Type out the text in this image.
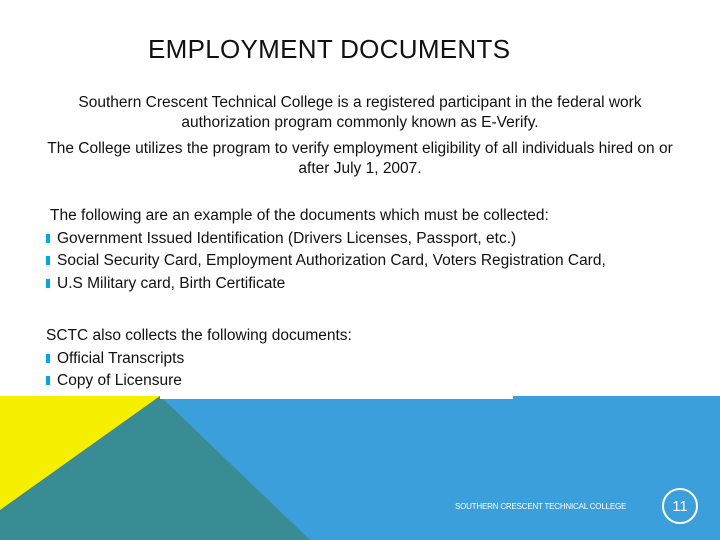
EMPLOYMENT DOCUMENTS
Southern Crescent Technical College is a registered participant in the federal work authorization program commonly known as E-Verify.
The College utilizes the program to verify employment eligibility of all individuals hired on or after July 1, 2007.
The following are an example of the documents which must be collected:
Government Issued Identification (Drivers Licenses, Passport, etc.)
Social Security Card, Employment Authorization Card, Voters Registration Card,
U.S Military card, Birth Certificate
SCTC also collects the following documents:
Official Transcripts
Copy of Licensure
SOUTHERN CRESCENT TECHNICAL COLLEGE	11
